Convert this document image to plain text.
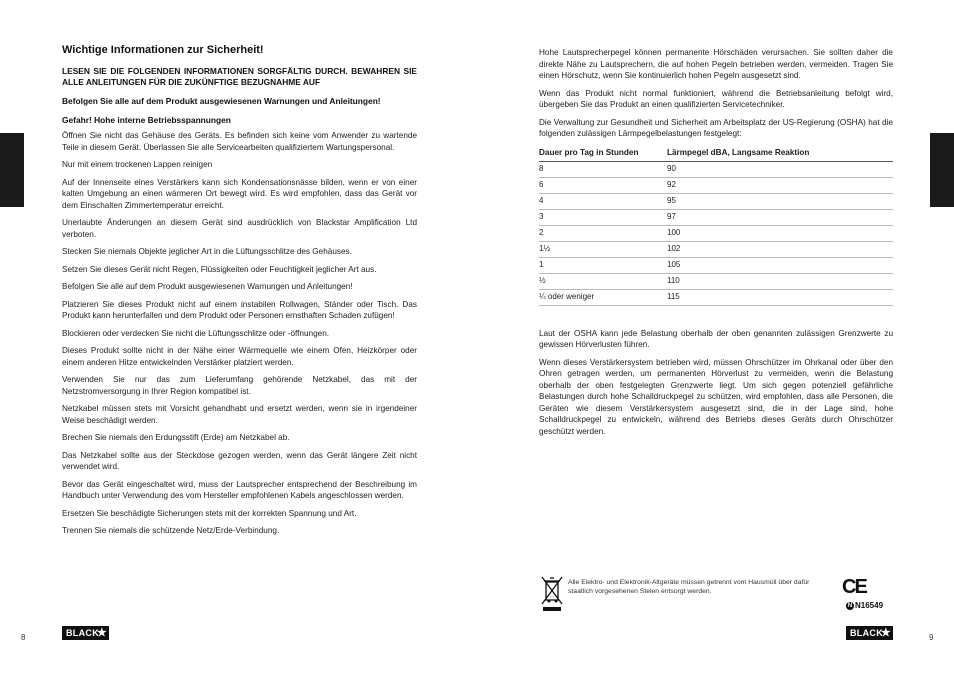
Deutsch
Wichtige Informationen zur Sicherheit!
LESEN SIE DIE FOLGENDEN INFORMATIONEN SORGFÄLTIG DURCH. BEWAHREN SIE ALLE ANLEITUNGEN FÜR DIE ZUKÜNFTIGE BEZUGNAHME AUF
Befolgen Sie alle auf dem Produkt ausgewiesenen Warnungen und Anleitungen!
Gefahr! Hohe interne Betriebsspannungen

Öffnen Sie nicht das Gehäuse des Geräts. Es befinden sich keine vom Anwender zu wartende Teile in diesem Gerät. Überlassen Sie alle Servicearbeiten qualifiziertem Wartungspersonal.

Nur mit einem trockenen Lappen reinigen

Auf der Innenseite eines Verstärkers kann sich Kondensationsnässe bilden, wenn er von einer kalten Umgebung an einen wärmeren Ort bewegt wird. Es wird empfohlen, dass das Gerät vor dem Einschalten Zimmertemperatur erreicht.

Unerlaubte Änderungen an diesem Gerät sind ausdrücklich von Blackstar Amplification Ltd verboten.

Stecken Sie niemals Objekte jeglicher Art in die Lüftungsschlitze des Gehäuses.

Setzen Sie dieses Gerät nicht Regen, Flüssigkeiten oder Feuchtigkeit jeglicher Art aus.

Befolgen Sie alle auf dem Produkt ausgewiesenen Warnungen und Anleitungen!

Platzieren Sie dieses Produkt nicht auf einem instabilen Rollwagen, Ständer oder Tisch. Das Produkt kann herunterfallen und dem Produkt oder Personen ernsthaften Schaden zufügen!

Blockieren oder verdecken Sie nicht die Lüftungsschlitze oder -öffnungen.

Dieses Produkt sollte nicht in der Nähe einer Wärmequelle wie einem Ofen, Heizkörper oder einem anderen Hitze entwickelnden Verstärker platziert werden.

Verwenden Sie nur das zum Lieferumfang gehörende Netzkabel, das mit der Netzstromversorgung in Ihrer Region kompatibel ist.

Netzkabel müssen stets mit Vorsicht gehandhabt und ersetzt werden, wenn sie in irgendeiner Weise beschädigt werden.

Brechen Sie niemals den Erdungsstift (Erde) am Netzkabel ab.

Das Netzkabel sollte aus der Steckdose gezogen werden, wenn das Gerät längere Zeit nicht verwendet wird.

Bevor das Gerät eingeschaltet wird, muss der Lautsprecher entsprechend der Beschreibung im Handbuch unter Verwendung des vom Hersteller empfohlenen Kabels angeschlossen werden.

Ersetzen Sie beschädigte Sicherungen stets mit der korrekten Spannung und Art.

Trennen Sie niemals die schützende Netz/Erde-Verbindung.

8	BLACK
★
Deutsch

Hohe Lautsprecherpegel können permanente Hörschäden verursachen. Sie sollten daher die direkte Nähe zu Lautsprechern, die auf hohen Pegeln betrieben werden, vermeiden. Tragen Sie einen Hörschutz, wenn Sie kontinuierlich hohen Pegeln ausgesetzt sind.

Wenn das Produkt nicht normal funktioniert, während die Betriebsanleitung befolgt wird, übergeben Sie das Produkt an einen qualifizierten Servicetechniker.

Die Verwaltung zur Gesundheit und Sicherheit am Arbeitsplatz der US-Regierung (OSHA) hat die folgenden zulässigen Lärmpegelbelastungen festgelegt:

Dauer pro Tag in Stunden	Lärmpegel dBA, Langsame Reaktion
8	90
6	92
4	95
3	97
2	100
1½	102
1	105
½	110
¼ oder weniger	115

Laut der OSHA kann jede Belastung oberhalb der oben genannten zulässigen Grenzwerte zu gewissen Hörverlusten führen.

Wenn dieses Verstärkersystem betrieben wird, müssen Ohrschützer im Ohrkanal oder über den Ohren getragen werden, um permanenten Hörverlust zu vermeiden, wenn die Belastung oberhalb der oben festgelegten Grenzwerte liegt. Um sich gegen potenziell gefährliche Belastungen durch hohe Schalldruckpegel zu schützen, wird empfohlen, dass alle Personen, die Geräten wie diesem Verstärkersystem ausgesetzt sind, die in der Lage sind, hohe Schalldruckpegel zu entwickeln, während des Betriebs dieses Geräts durch Ohrschützer geschützt werden.

Alle Elektro- und Elektronik-Altgeräte müssen getrennt vom Hausmüll über dafür staatlich vorgesehenen Stelen entsorgt werden.	CE
N N16549
BLACK
★	9
